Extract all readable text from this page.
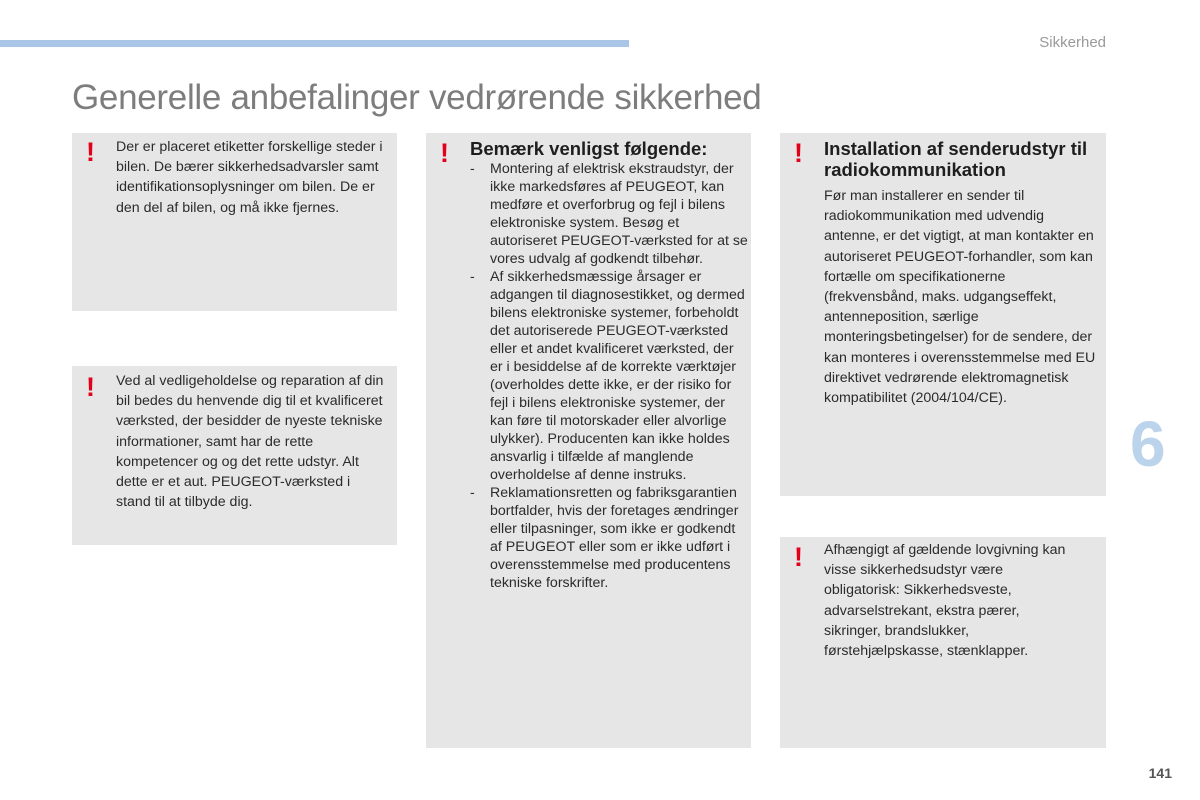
Sikkerhed
Generelle anbefalinger vedrørende sikkerhed
! Der er placeret etiketter forskellige steder i bilen. De bærer sikkerhedsadvarsler samt identifikationsoplysninger om bilen. De er den del af bilen, og må ikke fjernes.
! Ved al vedligeholdelse og reparation af din bil bedes du henvende dig til et kvalificeret værksted, der besidder de nyeste tekniske informationer, samt har de rette kompetencer og og det rette udstyr. Alt dette er et aut. PEUGEOT-værksted i stand til at tilbyde dig.
! Bemærk venligst følgende:
- Montering af elektrisk ekstraudstyr, der ikke markedsføres af PEUGEOT, kan medføre et overforbrug og fejl i bilens elektroniske system. Besøg et autoriseret PEUGEOT-værksted for at se vores udvalg af godkendt tilbehør.
- Af sikkerhedsmæssige årsager er adgangen til diagnosestikket, og dermed bilens elektroniske systemer, forbeholdt det autoriserede PEUGEOT-værksted eller et andet kvalificeret værksted, der er i besiddelse af de korrekte værktøjer (overholdes dette ikke, er der risiko for fejl i bilens elektroniske systemer, der kan føre til motorskader eller alvorlige ulykker). Producenten kan ikke holdes ansvarlig i tilfælde af manglende overholdelse af denne instruks.
- Reklamationsretten og fabriksgarantien bortfalder, hvis der foretages ændringer eller tilpasninger, som ikke er godkendt af PEUGEOT eller som er ikke udført i overensstemmelse med producentens tekniske forskrifter.
! Installation af senderudstyr til radiokommunikation
Før man installerer en sender til radiokommunikation med udvendig antenne, er det vigtigt, at man kontakter en autoriseret PEUGEOT-forhandler, som kan fortælle om specifikationerne (frekvensbånd, maks. udgangseffekt, antenneposition, særlige monteringsbetingelser) for de sendere, der kan monteres i overensstemmelse med EU direktivet vedrørende elektromagnetisk kompatibilitet (2004/104/CE).
! Afhængigt af gældende lovgivning kan visse sikkerhedsudstyr være obligatorisk: Sikkerhedsveste, advarselstrekant, ekstra pærer, sikringer, brandslukker, førstehjælpskasse, stænklapper.
6
141
